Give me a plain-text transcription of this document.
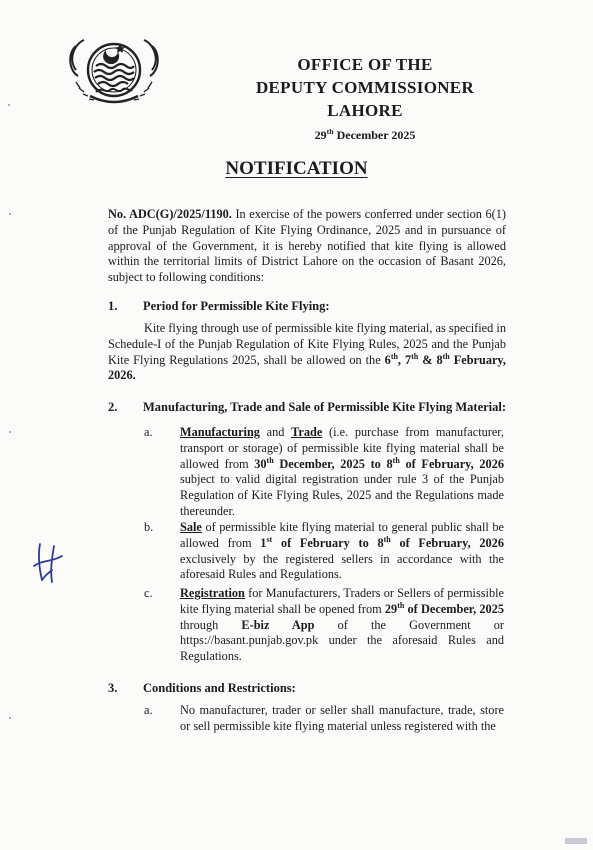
OFFICE OF THE
DEPUTY COMMISSIONER
LAHORE
29th December 2025
NOTIFICATION

No. ADC(G)/2025/1190. In exercise of the powers conferred under section 6(1) of the Punjab Regulation of Kite Flying Ordinance, 2025 and in pursuance of approval of the Government, it is hereby notified that kite flying is allowed within the territorial limits of District Lahore on the occasion of Basant 2026, subject to following conditions:

1. Period for Permissible Kite Flying:

Kite flying through use of permissible kite flying material, as specified in Schedule-I of the Punjab Regulation of Kite Flying Rules, 2025 and the Punjab Kite Flying Regulations 2025, shall be allowed on the 6th, 7th & 8th February, 2026.

2. Manufacturing, Trade and Sale of Permissible Kite Flying Material:
a. Manufacturing and Trade (i.e. purchase from manufacturer, transport or storage) of permissible kite flying material shall be allowed from 30th December, 2025 to 8th of February, 2026 subject to valid digital registration under rule 3 of the Punjab Regulation of Kite Flying Rules, 2025 and the Regulations made thereunder.

b. Sale of permissible kite flying material to general public shall be allowed from 1st of February to 8th of February, 2026 exclusively by the registered sellers in accordance with the aforesaid Rules and Regulations.

c. Registration for Manufacturers, Traders or Sellers of permissible kite flying material shall be opened from 29th of December, 2025 through E-biz App of the Government or https://basant.punjab.gov.pk under the aforesaid Rules and Regulations.

3. Conditions and Restrictions:
a. No manufacturer, trader or seller shall manufacture, trade, store or sell permissible kite flying material unless registered with the
